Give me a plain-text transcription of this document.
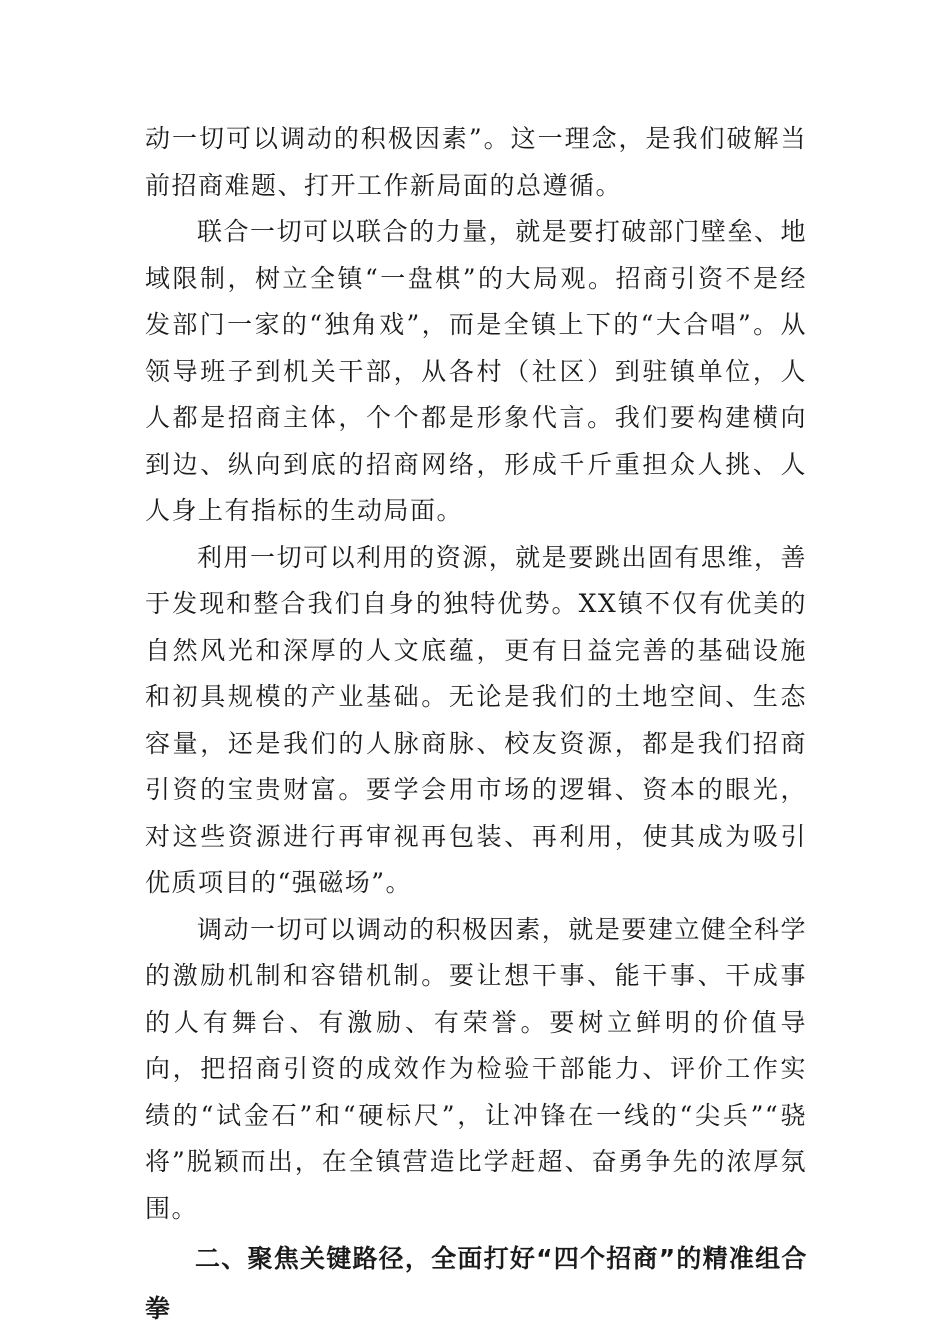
动一切可以调动的积极因素”。这一理念，是我们破解当前招商难题、打开工作新局面的总遵循。

联合一切可以联合的力量，就是要打破部门壁垒、地域限制，树立全镇“一盘棋”的大局观。招商引资不是经发部门一家的“独角戏”，而是全镇上下的“大合唱”。从领导班子到机关干部，从各村（社区）到驻镇单位，人人都是招商主体，个个都是形象代言。我们要构建横向到边、纵向到底的招商网络，形成千斤重担众人挑、人人身上有指标的生动局面。

利用一切可以利用的资源，就是要跳出固有思维，善于发现和整合我们自身的独特优势。XX镇不仅有优美的自然风光和深厚的人文底蕴，更有日益完善的基础设施和初具规模的产业基础。无论是我们的土地空间、生态容量，还是我们的人脉商脉、校友资源，都是我们招商引资的宝贵财富。要学会用市场的逻辑、资本的眼光，对这些资源进行再审视再包装、再利用，使其成为吸引优质项目的“强磁场”。

调动一切可以调动的积极因素，就是要建立健全科学的激励机制和容错机制。要让想干事、能干事、干成事的人有舞台、有激励、有荣誉。要树立鲜明的价值导向，把招商引资的成效作为检验干部能力、评价工作实绩的“试金石”和“硬标尺”，让冲锋在一线的“尖兵”“骁将”脱颖而出，在全镇营造比学赶超、奋勇争先的浓厚氛围。

二、聚焦关键路径，全面打好“四个招商”的精准组合拳
